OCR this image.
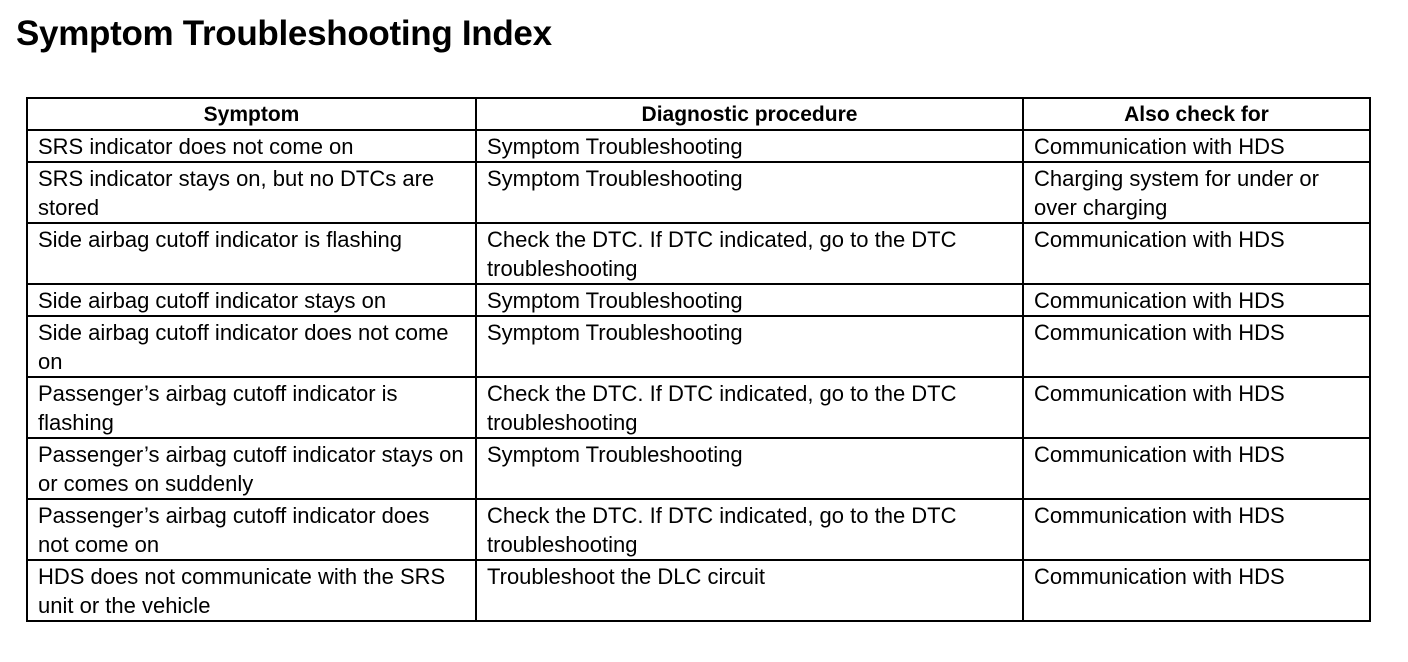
Symptom Troubleshooting Index
Symptom	Diagnostic procedure	Also check for
SRS indicator does not come on	Symptom Troubleshooting	Communication with HDS
SRS indicator stays on, but no DTCs are stored	Symptom Troubleshooting	Charging system for under or over charging
Side airbag cutoff indicator is flashing	Check the DTC. If DTC indicated, go to the DTC troubleshooting	Communication with HDS
Side airbag cutoff indicator stays on	Symptom Troubleshooting	Communication with HDS
Side airbag cutoff indicator does not come on	Symptom Troubleshooting	Communication with HDS
Passenger’s airbag cutoff indicator is flashing	Check the DTC. If DTC indicated, go to the DTC troubleshooting	Communication with HDS
Passenger’s airbag cutoff indicator stays on or comes on suddenly	Symptom Troubleshooting	Communication with HDS
Passenger’s airbag cutoff indicator does not come on	Check the DTC. If DTC indicated, go to the DTC troubleshooting	Communication with HDS
HDS does not communicate with the SRS unit or the vehicle	Troubleshoot the DLC circuit	Communication with HDS
